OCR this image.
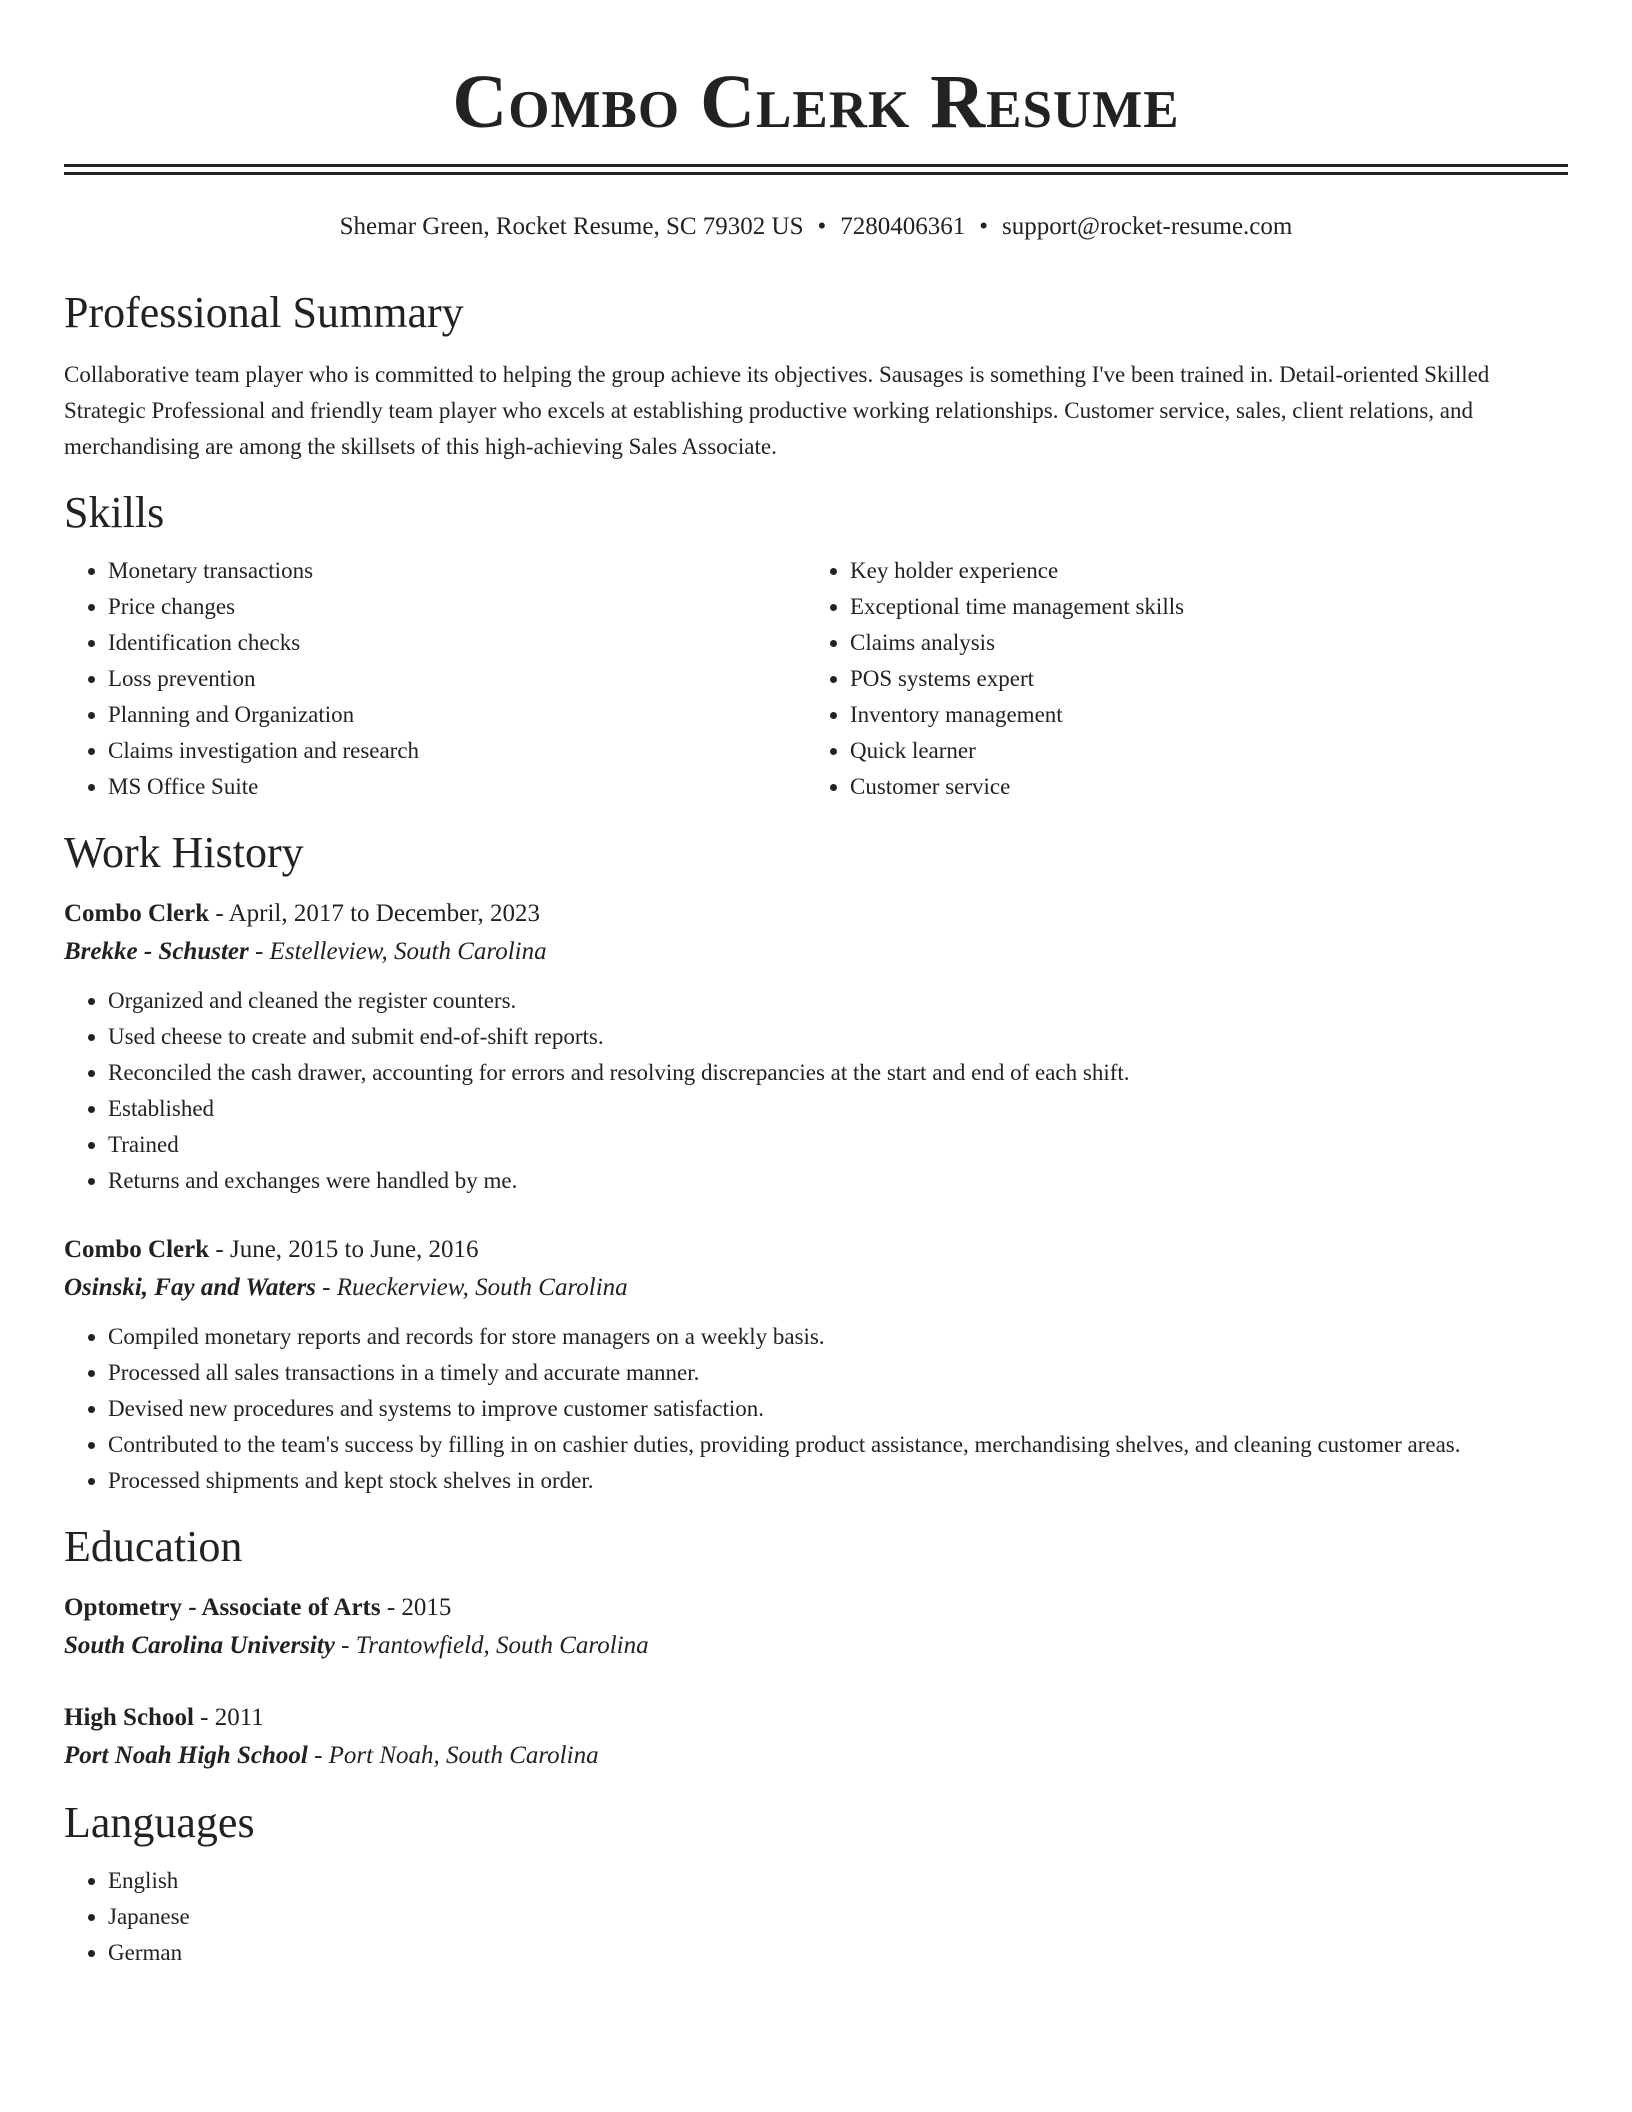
Combo Clerk Resume
Shemar Green, Rocket Resume, SC 79302 US • 7280406361 • support@rocket-resume.com
Professional Summary

Collaborative team player who is committed to helping the group achieve its objectives. Sausages is something I've been trained in. Detail-oriented Skilled Strategic Professional and friendly team player who excels at establishing productive working relationships. Customer service, sales, client relations, and merchandising are among the skillsets of this high-achieving Sales Associate.

Skills
• Monetary transactions
• Price changes
• Identification checks
• Loss prevention
• Planning and Organization
• Claims investigation and research
• MS Office Suite
• Key holder experience
• Exceptional time management skills
• Claims analysis
• POS systems expert
• Inventory management
• Quick learner
• Customer service
Work History
Combo Clerk - April, 2017 to December, 2023
Brekke - Schuster - Estelleview, South Carolina
• Organized and cleaned the register counters.
• Used cheese to create and submit end-of-shift reports.
• Reconciled the cash drawer, accounting for errors and resolving discrepancies at the start and end of each shift.
• Established
• Trained
• Returns and exchanges were handled by me.
Combo Clerk - June, 2015 to June, 2016
Osinski, Fay and Waters - Rueckerview, South Carolina
• Compiled monetary reports and records for store managers on a weekly basis.
• Processed all sales transactions in a timely and accurate manner.
• Devised new procedures and systems to improve customer satisfaction.
• Contributed to the team's success by filling in on cashier duties, providing product assistance, merchandising shelves, and cleaning customer areas.
• Processed shipments and kept stock shelves in order.
Education
Optometry - Associate of Arts - 2015
South Carolina University - Trantowfield, South Carolina
High School - 2011
Port Noah High School - Port Noah, South Carolina
Languages
• English
• Japanese
• German
